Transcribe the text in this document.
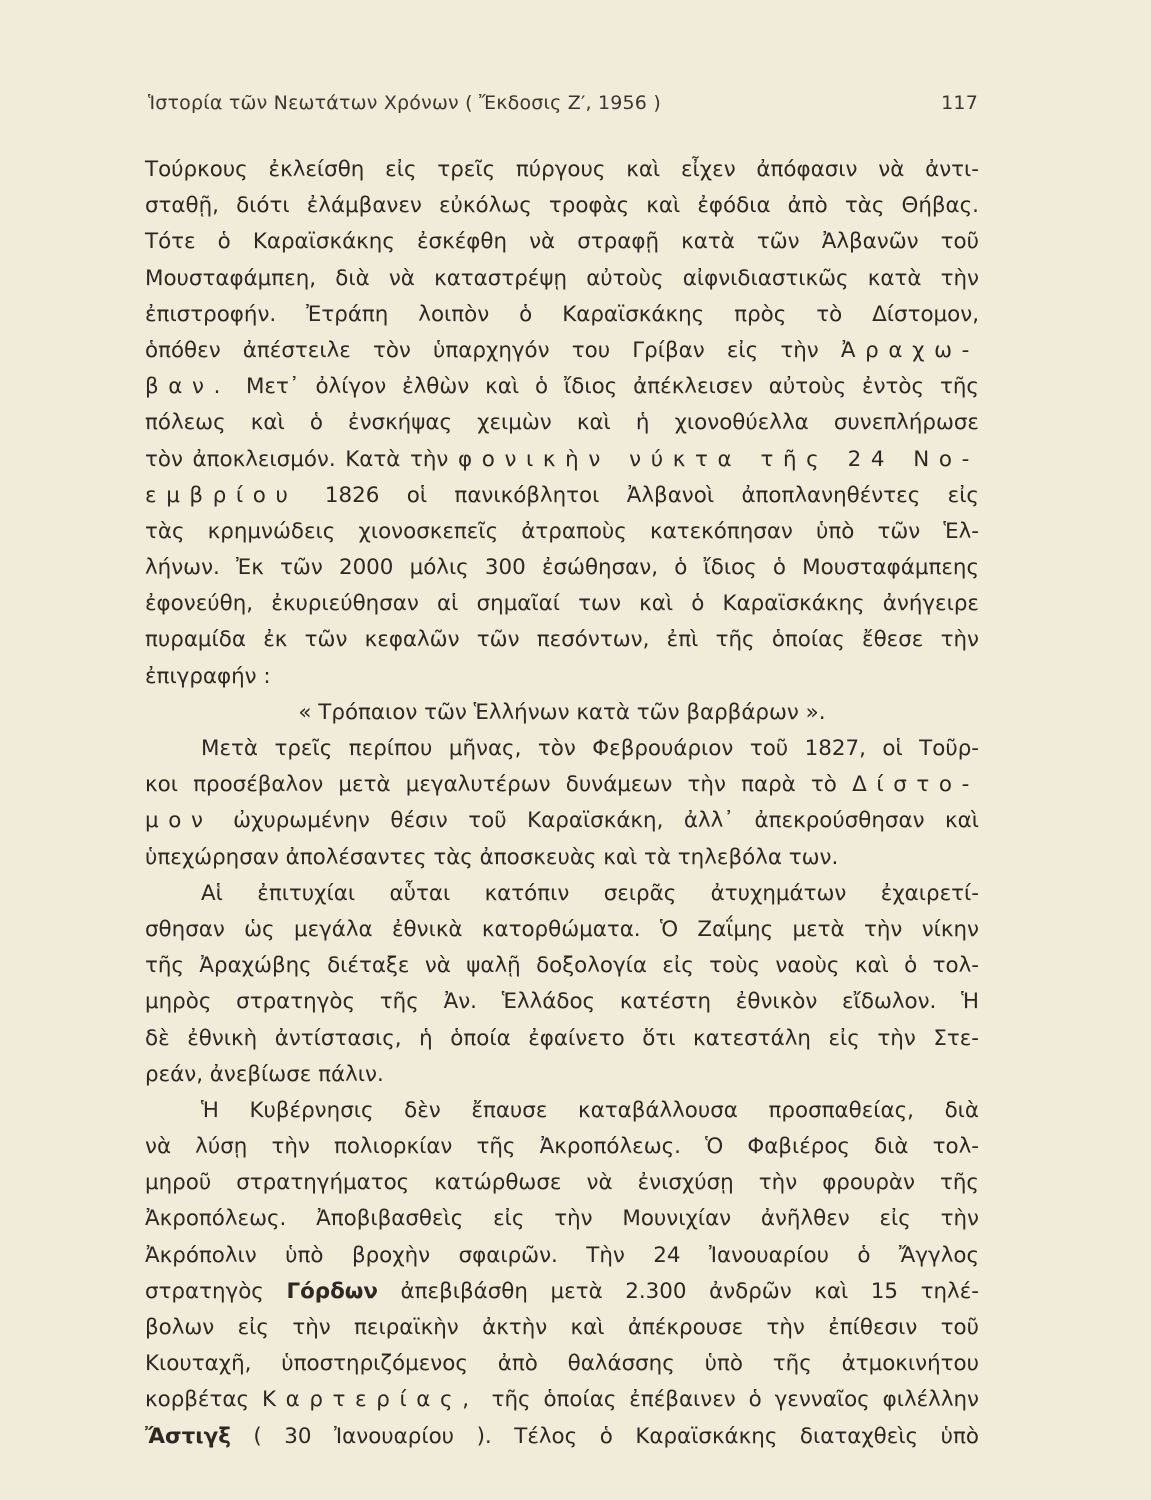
Ἱστορία τῶν Νεωτάτων Χρόνων ( Ἔκδοσις Ζ′, 1956 )	117
Τούρκους ἐκλείσθη εἰς τρεῖς πύργους καὶ εἶχεν ἀπόφασιν νὰ ἀντι-
σταθῇ, διότι ἐλάμβανεν εὐκόλως τροφὰς καὶ ἐφόδια ἀπὸ τὰς Θήβας.
Τότε ὁ Καραϊσκάκης ἐσκέφθη νὰ στραφῇ κατὰ τῶν Ἀλβανῶν τοῦ
Μουσταφάμπεη, διὰ νὰ καταστρέψῃ αὐτοὺς αἰφνιδιαστικῶς κατὰ τὴν
ἐπιστροφήν. Ἐτράπη λοιπὸν ὁ Καραϊσκάκης πρὸς τὸ Δίστομον,
ὁπόθεν ἀπέστειλε τὸν ὑπαρχηγόν του Γρίβαν εἰς τὴν Ἀραχω-
βαν. Μετ᾽ ὀλίγον ἐλθὼν καὶ ὁ ἴδιος ἀπέκλεισεν αὐτοὺς ἐντὸς τῆς
πόλεως καὶ ὁ ἐνσκήψας χειμὼν καὶ ἡ χιονοθύελλα συνεπλήρωσε
τὸν ἀποκλεισμόν. Κατὰ τὴν φονικὴν νύκτα τῆς 24 Νο-
εμβρίου 1826 οἱ πανικόβλητοι Ἀλβανοὶ ἀποπλανηθέντες εἰς
τὰς κρημνώδεις χιονοσκεπεῖς ἀτραποὺς κατεκόπησαν ὑπὸ τῶν Ἑλ-
λήνων. Ἐκ τῶν 2000 μόλις 300 ἐσώθησαν, ὁ ἴδιος ὁ Μουσταφάμπεης
ἐφονεύθη, ἐκυριεύθησαν αἱ σημαῖαί των καὶ ὁ Καραϊσκάκης ἀνήγειρε
πυραμίδα ἐκ τῶν κεφαλῶν τῶν πεσόντων, ἐπὶ τῆς ὁποίας ἔθεσε τὴν
ἐπιγραφήν :
« Τρόπαιον τῶν Ἑλλήνων κατὰ τῶν βαρβάρων ».
Μετὰ τρεῖς περίπου μῆνας, τὸν Φεβρουάριον τοῦ 1827, οἱ Τοῦρ-
κοι προσέβαλον μετὰ μεγαλυτέρων δυνάμεων τὴν παρὰ τὸ Δίστο-
μον ὠχυρωμένην θέσιν τοῦ Καραϊσκάκη, ἀλλ᾽ ἀπεκρούσθησαν καὶ
ὑπεχώρησαν ἀπολέσαντες τὰς ἀποσκευὰς καὶ τὰ τηλεβόλα των.
Αἱ ἐπιτυχίαι αὗται κατόπιν σειρᾶς ἀτυχημάτων ἐχαιρετί-
σθησαν ὡς μεγάλα ἐθνικὰ κατορθώματα. Ὁ Ζαΐμης μετὰ τὴν νίκην
τῆς Ἀραχώβης διέταξε νὰ ψαλῇ δοξολογία εἰς τοὺς ναοὺς καὶ ὁ τολ-
μηρὸς στρατηγὸς τῆς Ἀν. Ἑλλάδος κατέστη ἐθνικὸν εἴδωλον. Ἡ
δὲ ἐθνικὴ ἀντίστασις, ἡ ὁποία ἐφαίνετο ὅτι κατεστάλη εἰς τὴν Στε-
ρεάν, ἀνεβίωσε πάλιν.
Ἡ Κυβέρνησις δὲν ἔπαυσε καταβάλλουσα προσπαθείας, διὰ
νὰ λύσῃ τὴν πολιορκίαν τῆς Ἀκροπόλεως. Ὁ Φαβιέρος διὰ τολ-
μηροῦ στρατηγήματος κατώρθωσε νὰ ἐνισχύσῃ τὴν φρουρὰν τῆς
Ἀκροπόλεως. Ἀποβιβασθεὶς εἰς τὴν Μουνιχίαν ἀνῆλθεν εἰς τὴν
Ἀκρόπολιν ὑπὸ βροχὴν σφαιρῶν. Τὴν 24 Ἰανουαρίου ὁ Ἄγγλος
στρατηγὸς Γόρδων ἀπεβιβάσθη μετὰ 2.300 ἀνδρῶν καὶ 15 τηλέ-
βολων εἰς τὴν πειραϊκὴν ἀκτὴν καὶ ἀπέκρουσε τὴν ἐπίθεσιν τοῦ
Κιουταχῆ, ὑποστηριζόμενος ἀπὸ θαλάσσης ὑπὸ τῆς ἀτμοκινήτου
κορβέτας Καρτερίας, τῆς ὁποίας ἐπέβαινεν ὁ γενναῖος φιλέλλην
Ἄστιγξ ( 30 Ἰανουαρίου ). Τέλος ὁ Καραϊσκάκης διαταχθεὶς ὑπὸ
